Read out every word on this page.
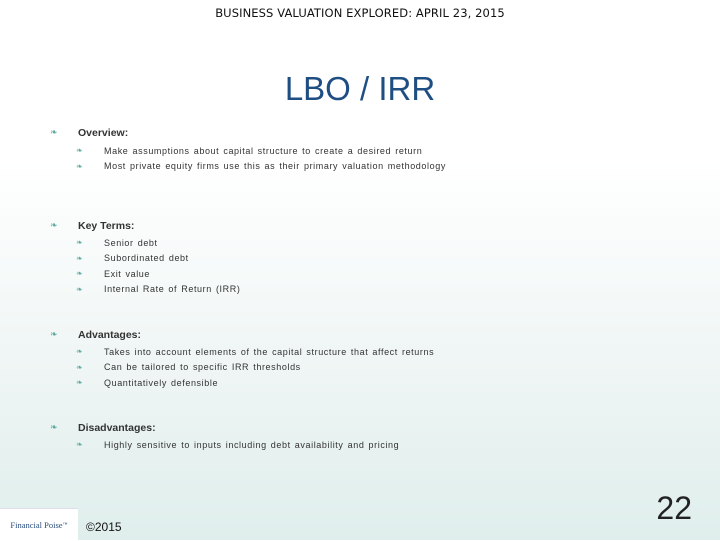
BUSINESS VALUATION EXPLORED: APRIL 23, 2015
LBO / IRR
❧	Overview:
❧	Make assumptions about capital structure to create a desired return
❧	Most private equity firms use this as their primary valuation methodology
❧	Key Terms:
❧	Senior debt
❧	Subordinated debt
❧	Exit value
❧	Internal Rate of Return (IRR)
❧	Advantages:
❧	Takes into account elements of the capital structure that affect returns
❧	Can be tailored to specific IRR thresholds
❧	Quantitatively defensible
❧	Disadvantages:
❧	Highly sensitive to inputs including debt availability and pricing
Financial Poise ™ ©2015
22
